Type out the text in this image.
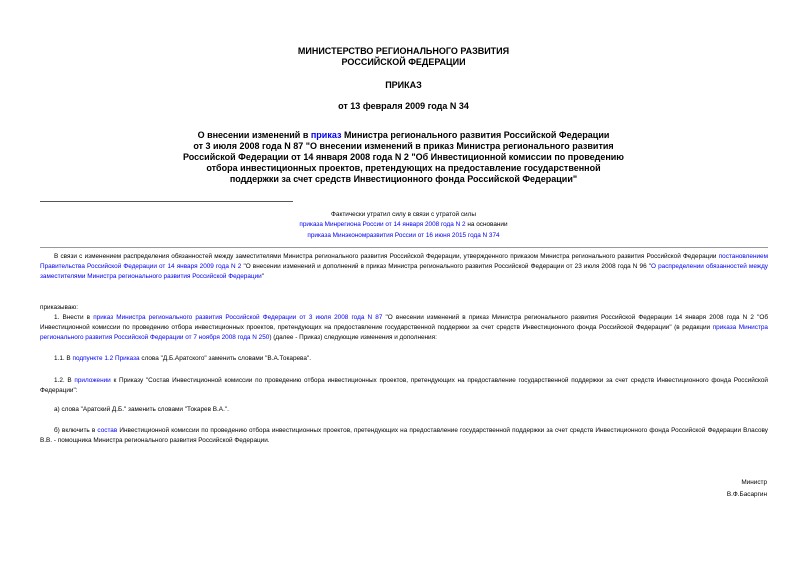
МИНИСТЕРСТВО РЕГИОНАЛЬНОГО РАЗВИТИЯ
РОССИЙСКОЙ ФЕДЕРАЦИИ
ПРИКАЗ
от 13 февраля 2009 года N 34
О внесении изменений в приказ Министра регионального развития Российской Федерации
от 3 июля 2008 года N 87 "О внесении изменений в приказ Министра регионального развития
Российской Федерации от 14 января 2008 года N 2 "Об Инвестиционной комиссии по проведению
отбора инвестиционных проектов, претендующих на предоставление государственной
поддержки за счет средств Инвестиционного фонда Российской Федерации"
Фактически утратил силу в связи с утратой силы
приказа Минрегиона России от 14 января 2008 года N 2 на основании
приказа Минэкономразвития России от 16 июня 2015 года N 374
В связи с изменением распределения обязанностей между заместителями Министра регионального развития Российской Федерации, утвержденного приказом Министра регионального развития Российской Федерации постановлением Правительства Российской Федерации от 14 января 2009 года N 2 "О внесении изменений и дополнений в приказ Министра регионального развития Российской Федерации от 23 июля 2008 года N 96 "О распределении обязанностей между заместителями Министра регионального развития Российской Федерации"
приказываю:
1. Внести в приказ Министра регионального развития Российской Федерации от 3 июля 2008 года N 87 "О внесении изменений в приказ Министра регионального развития Российской Федерации 14 января 2008 года N 2 "Об Инвестиционной комиссии по проведению отбора инвестиционных проектов, претендующих на предоставление государственной поддержки за счет средств Инвестиционного фонда Российской Федерации" (в редакции приказа Министра регионального развития Российской Федерации от 7 ноября 2008 года N 250) (далее - Приказ) следующие изменения и дополнения:
1.1. В подпункте 1.2 Приказа слова "Д.Б.Аратского" заменить словами "В.А.Токарева".
1.2. В приложении к Приказу "Состав Инвестиционной комиссии по проведению отбора инвестиционных проектов, претендующих на предоставление государственной поддержки за счет средств Инвестиционного фонда Российской Федерации":
а) слова "Аратский Д.Б." заменить словами "Токарев В.А.".
б) включить в состав Инвестиционной комиссии по проведению отбора инвестиционных проектов, претендующих на предоставление государственной поддержки за счет средств Инвестиционного фонда Российской Федерации Власову В.В. - помощника Министра регионального развития Российской Федерации.
Министр
В.Ф.Басаргин
